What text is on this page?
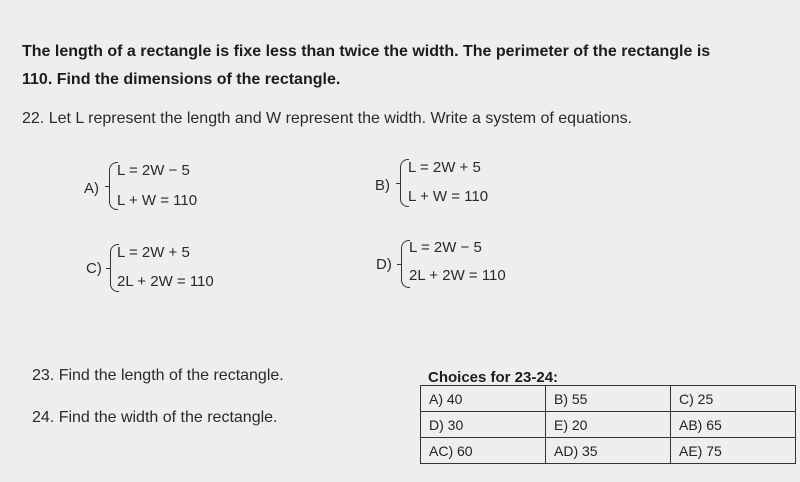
The length of a rectangle is fixe less than twice the width. The perimeter of the rectangle is
110. Find the dimensions of the rectangle.
22. Let L represent the length and W represent the width. Write a system of equations.
A)
L = 2W − 5
L + W = 110
B)
L = 2W + 5
L + W = 110
C)
L = 2W + 5
2L + 2W = 110
D)
L = 2W − 5
2L + 2W = 110
23. Find the length of the rectangle.
24. Find the width of the rectangle.
Choices for 23-24:
A) 40	B) 55	C) 25
D) 30	E) 20	AB) 65
AC) 60	AD) 35	AE) 75
